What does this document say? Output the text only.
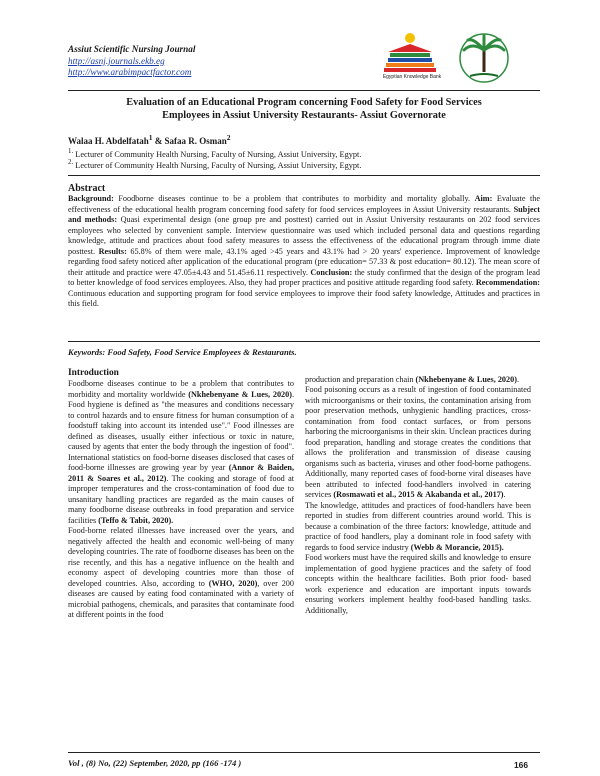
Assiut Scientific Nursing Journal
http://asnj.journals.ekb.eg
http://www.arabimpactfactor.com	Egyptian Knowledge Bank
Evaluation of an Educational Program concerning Food Safety for Food Services
Employees in Assiut University Restaurants- Assiut Governorate
Walaa H. Abdelfatah$^1$ & Safaa R. Osman$^2$
$^{1.}$ Lecturer of Community Health Nursing, Faculty of Nursing, Assiut University, Egypt.
$^{2.}$ Lecturer of Community Health Nursing, Faculty of Nursing, Assiut University, Egypt.
Abstract
Background: Foodborne diseases continue to be a problem that contributes to morbidity and mortality globally. Aim: Evaluate the effectiveness of the educational health program concerning food safety for food services employees in Assiut University restaurants. Subject and methods: Quasi experimental design (one group pre and posttest) carried out in Assiut University restaurants on 202 food services employees who selected by convenient sample. Interview questionnaire was used which included personal data and questions regarding knowledge, attitude and practices about food safety measures to assess the effectiveness of the educational program through imme diate posttest. Results: 65.8% of them were male, 43.1% aged >45 years and 43.1% had > 20 years' experience. Improvement of knowledge regarding food safety noticed after application of the educational program (pre education= 57.33 & post education= 80.12). The mean score of their attitude and practice were 47.05±4.43 and 51.45±6.11 respectively. Conclusion: the study confirmed that the design of the program lead to better knowledge of food services employees. Also, they had proper practices and positive attitude regarding food safety. Recommendation: Continuous education and supporting program for food service employees to improve their food safety knowledge, Attitudes and practices in this field.
Keywords: Food Safety, Food Service Employees & Restaurants.
Introduction

Foodborne diseases continue to be a problem that contributes to morbidity and mortality worldwide (Nkhebenyane & Lues, 2020). Food hygiene is defined as "the measures and conditions necessary to control hazards and to ensure fitness for human consumption of a foodstuff taking into account its intended use"." Food illnesses are defined as diseases, usually either infectious or toxic in nature, caused by agents that enter the body through the ingestion of food". International statistics on food-borne diseases disclosed that cases of food-borne illnesses are growing year by year (Annor & Baiden, 2011 & Soares et al., 2012). The cooking and storage of food at improper temperatures and the cross-contamination of food due to unsanitary handling practices are regarded as the main causes of many foodborne disease outbreaks in food preparation and service facilities (Teffo & Tabit, 2020).

Food-borne related illnesses have increased over the years, and negatively affected the health and economic well-being of many developing countries. The rate of foodborne diseases has been on the rise recently, and this has a negative influence on the health and economy aspect of developing countries more than those of developed countries. Also, according to (WHO, 2020), over 200 diseases are caused by eating food contaminated with a variety of microbial pathogens, chemicals, and parasites that contaminate food at different points in the food

production and preparation chain (Nkhebenyane & Lues, 2020).

Food poisoning occurs as a result of ingestion of food contaminated with microorganisms or their toxins, the contamination arising from poor preservation methods, unhygienic handling practices, cross-contamination from food contact surfaces, or from persons harboring the microorganisms in their skin. Unclean practices during food preparation, handling and storage creates the conditions that allows the proliferation and transmission of disease causing organisms such as bacteria, viruses and other food-borne pathogens. Additionally, many reported cases of food-borne viral diseases have been attributed to infected food-handlers involved in catering services (Rosmawati et al., 2015 & Akabanda et al., 2017).

The knowledge, attitudes and practices of food-handlers have been reported in studies from different countries around world. This is because a combination of the three factors: knowledge, attitude and practice of food handlers, play a dominant role in food safety with regards to food service industry (Webb & Morancie, 2015).

Food workers must have the required skills and knowledge to ensure implementation of good hygiene practices and the safety of food concepts within the healthcare facilities. Both prior food- based work experience and education are important inputs towards ensuring workers implement healthy food-based handling tasks. Additionally,

Vol , (8) No, (22) September, 2020, pp (166 -174 )	166
